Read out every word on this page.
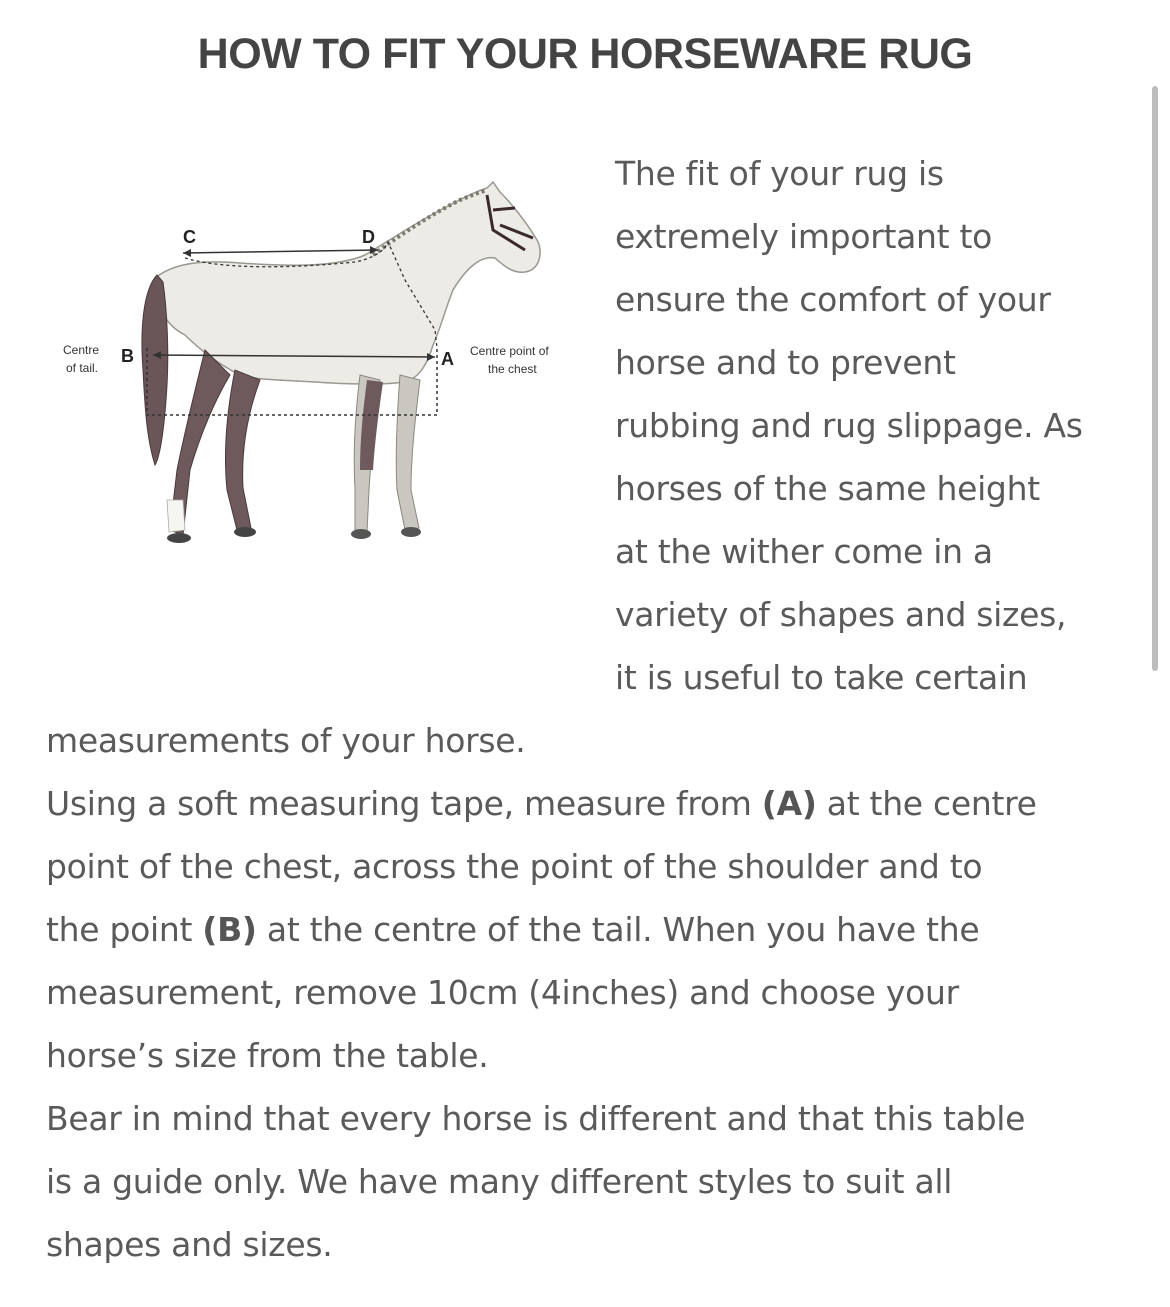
HOW TO FIT YOUR HORSEWARE RUG
C	D
B	A
Centre
of tail.
Centre point of
the chest
The fit of your rug is
extremely important to
ensure the comfort of your
horse and to prevent
rubbing and rug slippage. As
horses of the same height
at the wither come in a
variety of shapes and sizes,
it is useful to take certain
measurements of your horse.
Using a soft measuring tape, measure from (A) at the centre
point of the chest, across the point of the shoulder and to
the point (B) at the centre of the tail. When you have the
measurement, remove 10cm (4inches) and choose your
horse’s size from the table.
Bear in mind that every horse is different and that this table
is a guide only. We have many different styles to suit all
shapes and sizes.
